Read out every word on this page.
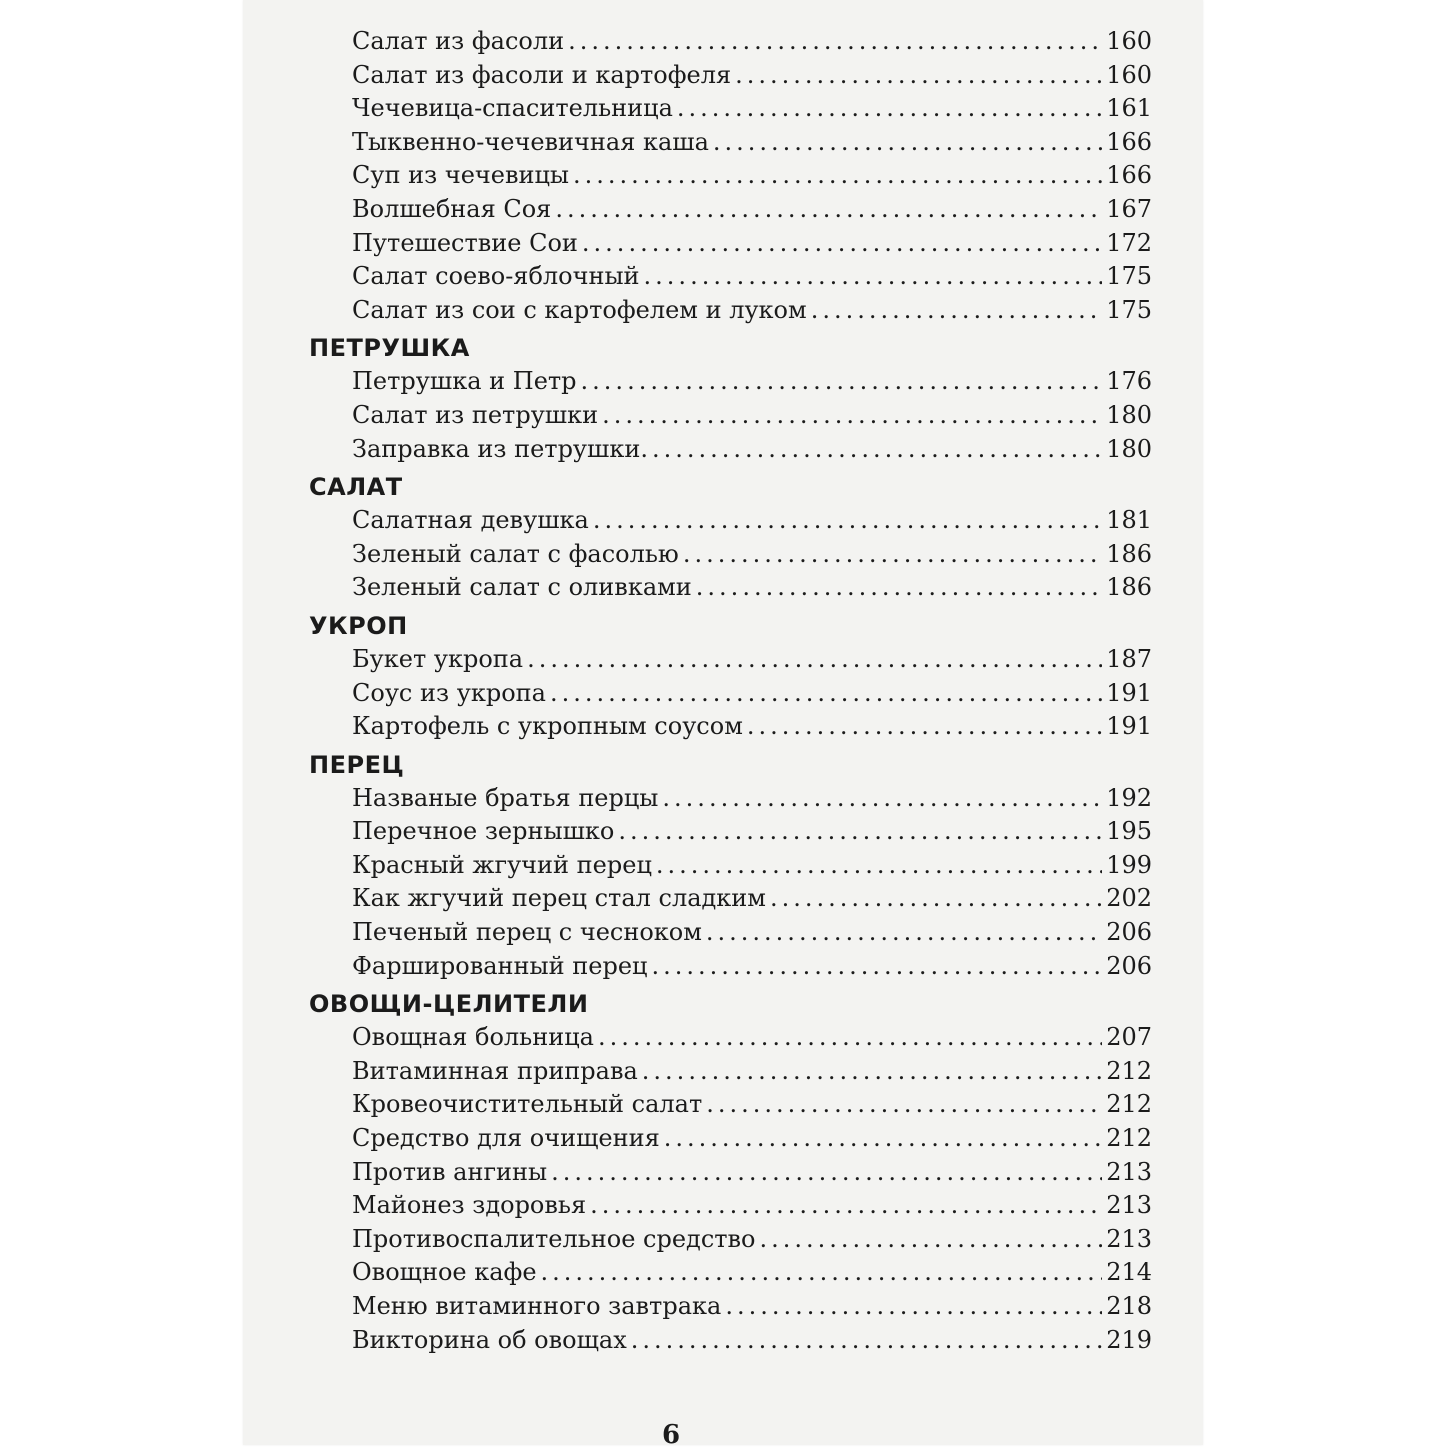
Салат из фасоли .....	160
Салат из фасоли и картофеля .....	160
Чечевица-спасительница .....	161
Тыквенно-чечевичная каша .....	166
Суп из чечевицы .....	166
Волшебная Соя .....	167
Путешествие Сои .....	172
Салат соево-яблочный .....	175
Салат из сои с картофелем и луком .....	175
ПЕТРУШКА
Петрушка и Петр .....	176
Салат из петрушки .....	180
Заправка из петрушки. .....	180
САЛАТ
Салатная девушка .....	181
Зеленый салат с фасолью .....	186
Зеленый салат с оливками .....	186
УКРОП
Букет укропа .....	187
Соус из укропа .....	191
Картофель с укропным соусом .....	191
ПЕРЕЦ
Названые братья перцы .....	192
Перечное зернышко .....	195
Красный жгучий перец .....	199
Как жгучий перец стал сладким .....	202
Печеный перец с чесноком .....	206
Фаршированный перец .....	206
ОВОЩИ-ЦЕЛИТЕЛИ
Овощная больница .....	207
Витаминная приправа .....	212
Кровеочистительный салат .....	212
Средство для очищения .....	212
Против ангины .....	213
Майонез здоровья .....	213
Противоспалительное средство .....	213
Овощное кафе .....	214
Меню витаминного завтрака .....	218
Викторина об овощах .....	219
6
